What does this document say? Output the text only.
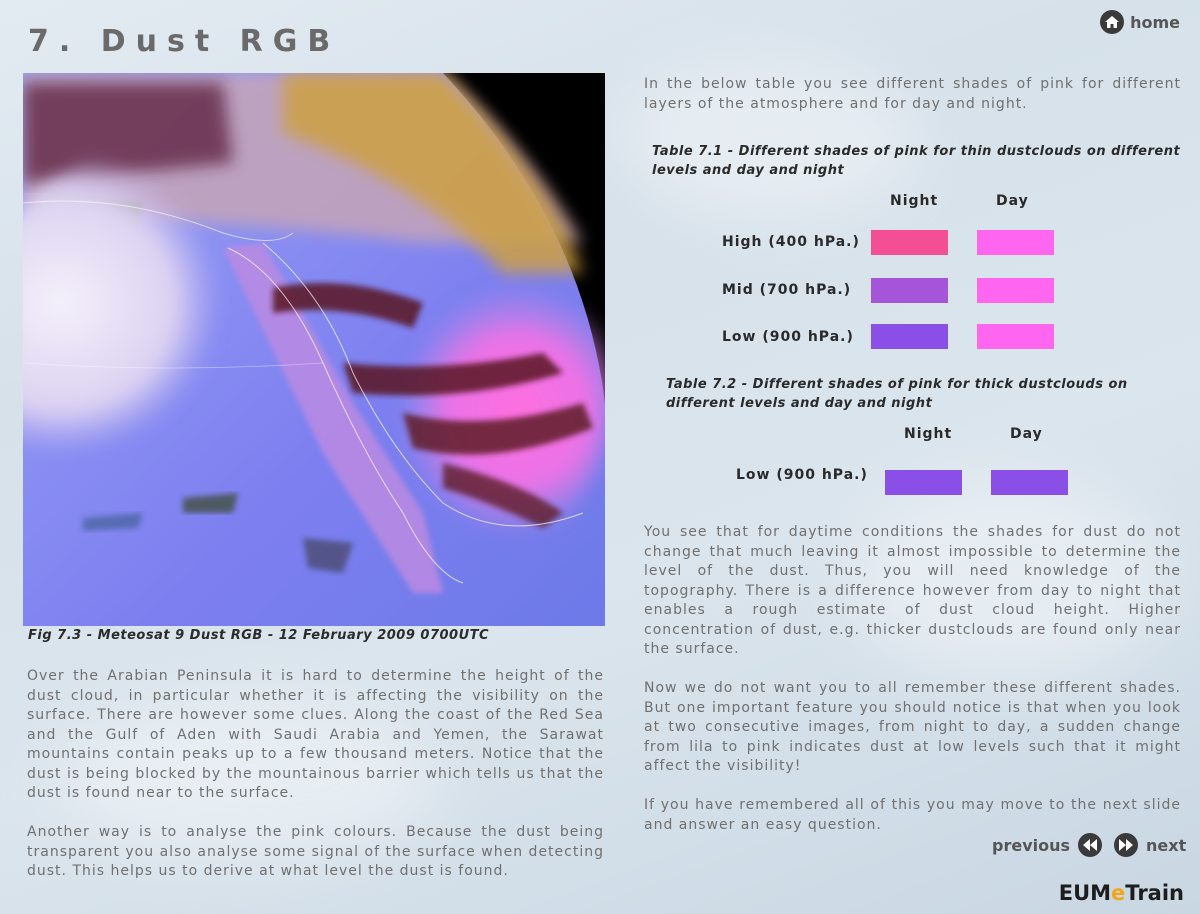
7. Dust RGB
home
Fig 7.3 - Meteosat 9 Dust RGB - 12 February 2009 0700UTC

Over the Arabian Peninsula it is hard to determine the height of the dust cloud, in particular whether it is affecting the visibility on the surface. There are however some clues. Along the coast of the Red Sea and the Gulf of Aden with Saudi Arabia and Yemen, the Sarawat mountains contain peaks up to a few thousand meters. Notice that the dust is being blocked by the mountainous barrier which tells us that the dust is found near to the surface.

Another way is to analyse the pink colours. Because the dust being transparent you also analyse some signal of the surface when detecting dust. This helps us to derive at what level the dust is found.

In the below table you see different shades of pink for different layers of the atmosphere and for day and night.

Table 7.1 - Different shades of pink for thin dustclouds on different levels and day and night
Night	Day
High (400 hPa.)
Mid (700 hPa.)
Low (900 hPa.)
Table 7.2 - Different shades of pink for thick dustclouds on different levels and day and night
Night	Day
Low (900 hPa.)

You see that for daytime conditions the shades for dust do not change that much leaving it almost impossible to determine the level of the dust. Thus, you will need knowledge of the topography. There is a difference however from day to night that enables a rough estimate of dust cloud height. Higher concentration of dust, e.g. thicker dustclouds are found only near the surface.

Now we do not want you to all remember these different shades. But one important feature you should notice is that when you look at two consecutive images, from night to day, a sudden change from lila to pink indicates dust at low levels such that it might affect the visibility!

If you have remembered all of this you may move to the next slide and answer an easy question.

previous	next
EUMeTrain
